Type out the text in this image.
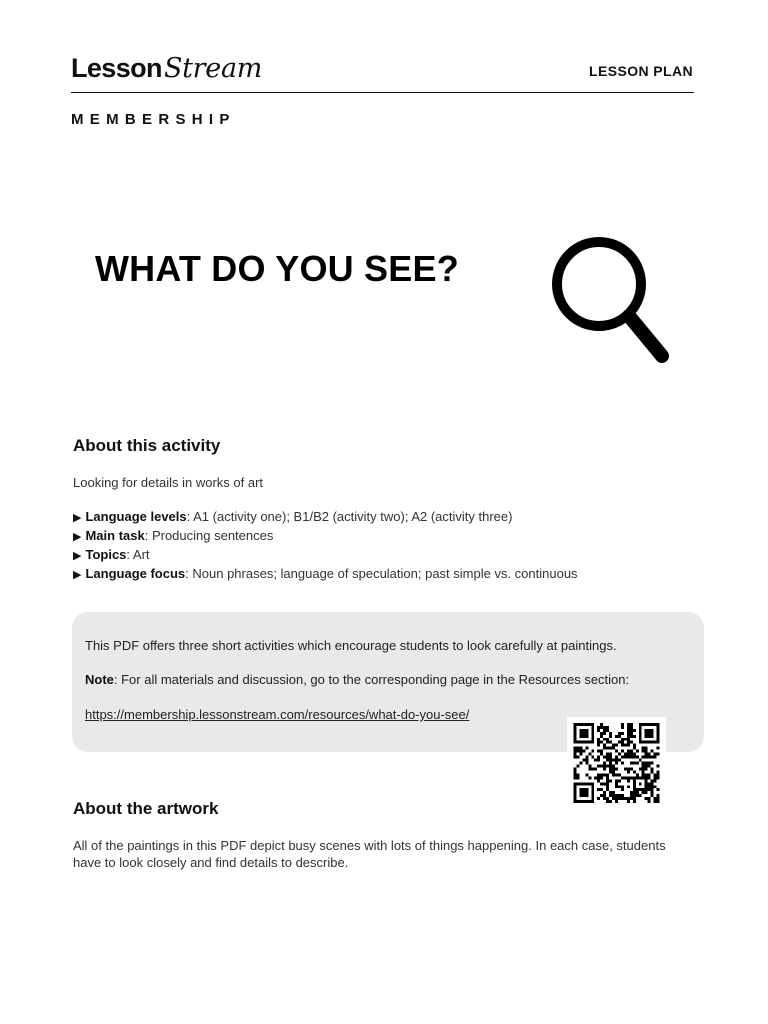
Lesson Stream	LESSON PLAN
MEMBERSHIP
WHAT DO YOU SEE?
About this activity
Looking for details in works of art
▶ Language levels: A1 (activity one); B1/B2 (activity two); A2 (activity three)
▶ Main task: Producing sentences
▶ Topics: Art
▶ Language focus: Noun phrases; language of speculation; past simple vs. continuous
This PDF offers three short activities which encourage students to look carefully at paintings.
Note: For all materials and discussion, go to the corresponding page in the Resources section:
https://membership.lessonstream.com/resources/what-do-you-see/
About the artwork
All of the paintings in this PDF depict busy scenes with lots of things happening. In each case, students have to look closely and find details to describe.
